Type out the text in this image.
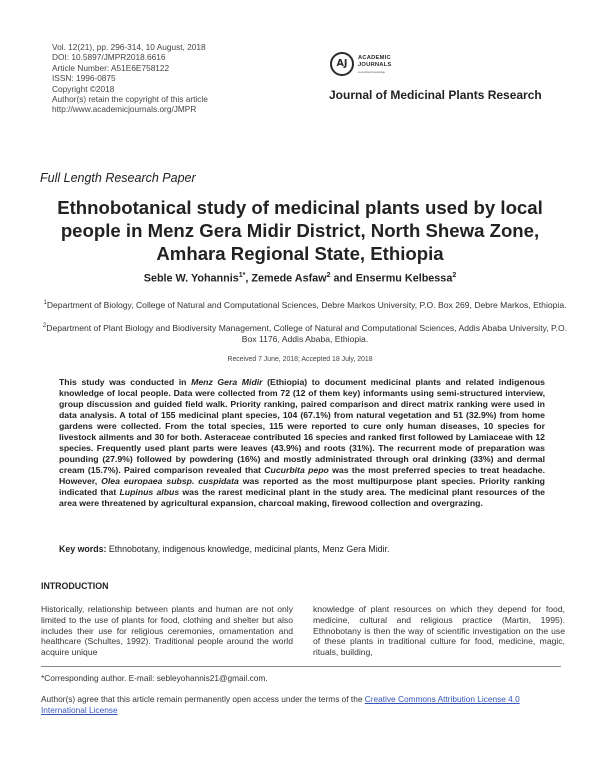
Vol. 12(21), pp. 296-314, 10 August, 2018
DOI: 10.5897/JMPR2018.6616
Article Number: A51E6E758122
ISSN: 1996-0875
Copyright ©2018
Author(s) retain the copyright of this article
http://www.academicjournals.org/JMPR
AJ	ACADEMIC
JOURNALS
expanding knowledge
Journal of Medicinal Plants Research
Full Length Research Paper
Ethnobotanical study of medicinal plants used by local people in Menz Gera Midir District, North Shewa Zone, Amhara Regional State, Ethiopia
Seble W. Yohannis$^{1*}$, Zemede Asfaw$^2$ and Ensermu Kelbessa$^2$
$^1$Department of Biology, College of Natural and Computational Sciences, Debre Markos University, P.O. Box 269, Debre Markos, Ethiopia.
$^2$Department of Plant Biology and Biodiversity Management, College of Natural and Computational Sciences, Addis Ababa University, P.O. Box 1176, Addis Ababa, Ethiopia.
Received 7 June, 2018; Accepted 18 July, 2018
This study was conducted in Menz Gera Midir (Ethiopia) to document medicinal plants and related indigenous knowledge of local people. Data were collected from 72 (12 of them key) informants using semi-structured interview, group discussion and guided field walk. Priority ranking, paired comparison and direct matrix ranking were used in data analysis. A total of 155 medicinal plant species, 104 (67.1%) from natural vegetation and 51 (32.9%) from home gardens were collected. From the total species, 115 were reported to cure only human diseases, 10 species for livestock ailments and 30 for both. Asteraceae contributed 16 species and ranked first followed by Lamiaceae with 12 species. Frequently used plant parts were leaves (43.9%) and roots (31%). The recurrent mode of preparation was pounding (27.9%) followed by powdering (16%) and mostly administrated through oral drinking (33%) and dermal cream (15.7%). Paired comparison revealed that Cucurbita pepo was the most preferred species to treat headache. However, Olea europaea subsp. cuspidata was reported as the most multipurpose plant species. Priority ranking indicated that Lupinus albus was the rarest medicinal plant in the study area. The medicinal plant resources of the area were threatened by agricultural expansion, charcoal making, firewood collection and overgrazing.
Key words: Ethnobotany, indigenous knowledge, medicinal plants, Menz Gera Midir.
INTRODUCTION
Historically, relationship between plants and human are not only limited to the use of plants for food, clothing and shelter but also includes their use for religious ceremonies, ornamentation and healthcare (Schultes, 1992). Traditional people around the world acquire unique
knowledge of plant resources on which they depend for food, medicine, cultural and religious practice (Martin, 1995). Ethnobotany is then the way of scientific investigation on the use of these plants in traditional culture for food, medicine, magic, rituals, building,
*Corresponding author. E-mail: sebleyohannis21@gmail.com.
Author(s) agree that this article remain permanently open access under the terms of the Creative Commons Attribution License 4.0 International License
